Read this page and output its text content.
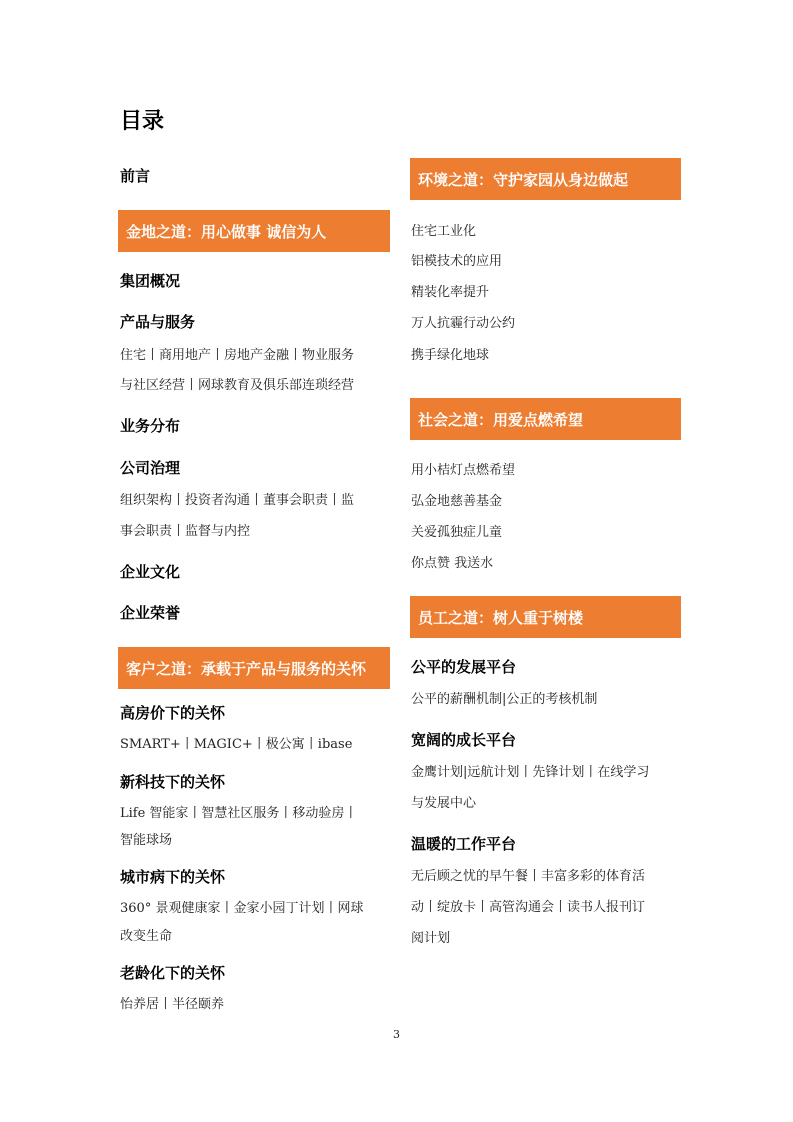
目录
前言
金地之道：用心做事 诚信为人
集团概况
产品与服务
住宅丨商用地产丨房地产金融丨物业服务
与社区经营丨网球教育及俱乐部连琐经营
业务分布
公司治理
组织架构丨投资者沟通丨董事会职责丨监
事会职责丨监督与内控
企业文化
企业荣誉
客户之道：承载于产品与服务的关怀
高房价下的关怀
SMART+丨MAGIC+丨极公寓丨ibase
新科技下的关怀
Life 智能家丨智慧社区服务丨移动验房丨
智能球场
城市病下的关怀
360° 景观健康家丨金家小园丁计划丨网球
改变生命
老龄化下的关怀
怡养居丨半径颐养
环境之道：守护家园从身边做起
住宅工业化
铝模技术的应用
精装化率提升
万人抗霾行动公约
携手绿化地球
社会之道：用爱点燃希望
用小桔灯点燃希望
弘金地慈善基金
关爱孤独症儿童
你点赞 我送水
员工之道：树人重于树楼
公平的发展平台
公平的薪酬机制|公正的考核机制
宽阔的成长平台
金鹰计划|远航计划丨先锋计划丨在线学习
与发展中心
温暖的工作平台
无后顾之忧的早午餐丨丰富多彩的体育活
动丨绽放卡丨高管沟通会丨读书人报刊订
阅计划
3
